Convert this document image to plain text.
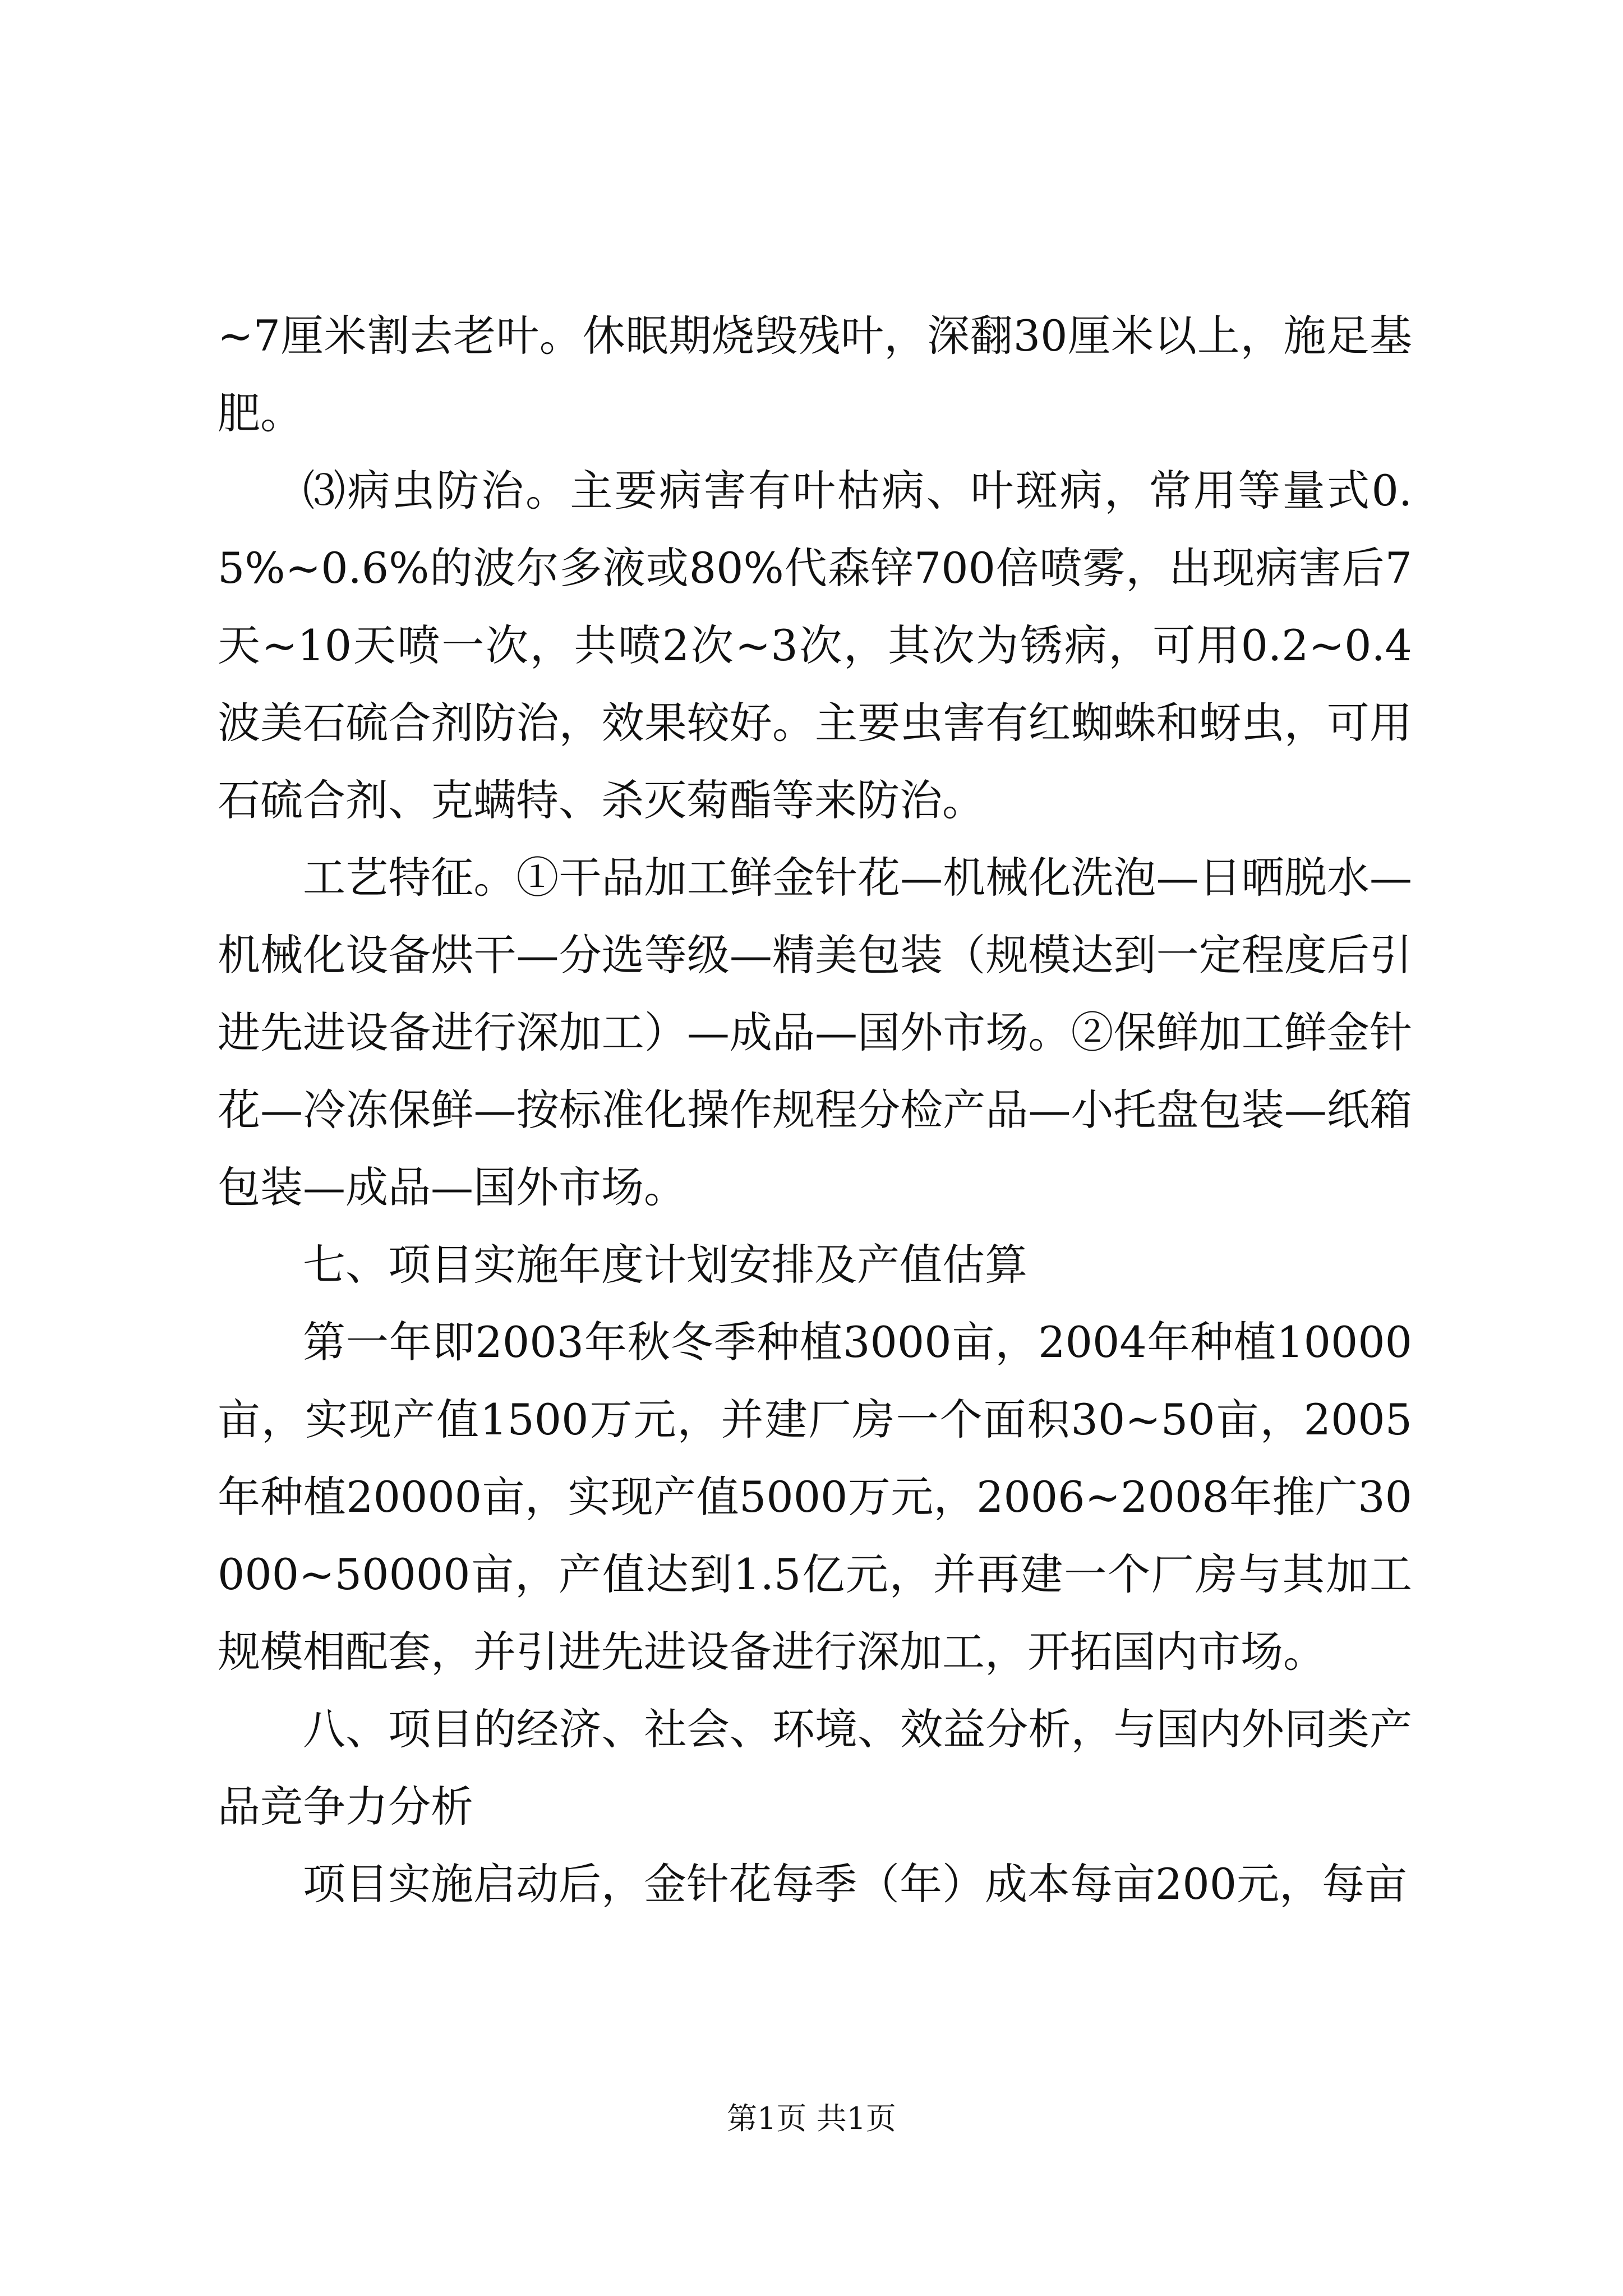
~7厘米割去老叶。休眠期烧毁残叶，深翻30厘米以上，施足基肥。

⑶病虫防治。主要病害有叶枯病、叶斑病，常用等量式0.5%~0.6%的波尔多液或80%代森锌700倍喷雾，出现病害后7天~10天喷一次，共喷2次~3次，其次为锈病，可用0.2~0.4波美石硫合剂防治，效果较好。主要虫害有红蜘蛛和蚜虫，可用石硫合剂、克螨特、杀灭菊酯等来防治。

工艺特征。①干品加工鲜金针花—机械化洗泡—日晒脱水—机械化设备烘干—分选等级—精美包装（规模达到一定程度后引进先进设备进行深加工）—成品—国外市场。②保鲜加工鲜金针花—冷冻保鲜—按标准化操作规程分检产品—小托盘包装—纸箱包装—成品—国外市场。

七、项目实施年度计划安排及产值估算

第一年即2003年秋冬季种植3000亩，2004年种植10000亩，实现产值1500万元，并建厂房一个面积30~50亩，2005年种植20000亩，实现产值5000万元，2006~2008年推广30000~50000亩，产值达到1.5亿元，并再建一个厂房与其加工规模相配套，并引进先进设备进行深加工，开拓国内市场。

八、项目的经济、社会、环境、效益分析，与国内外同类产品竞争力分析

项目实施启动后，金针花每季（年）成本每亩200元，每亩

第1页 共1页
